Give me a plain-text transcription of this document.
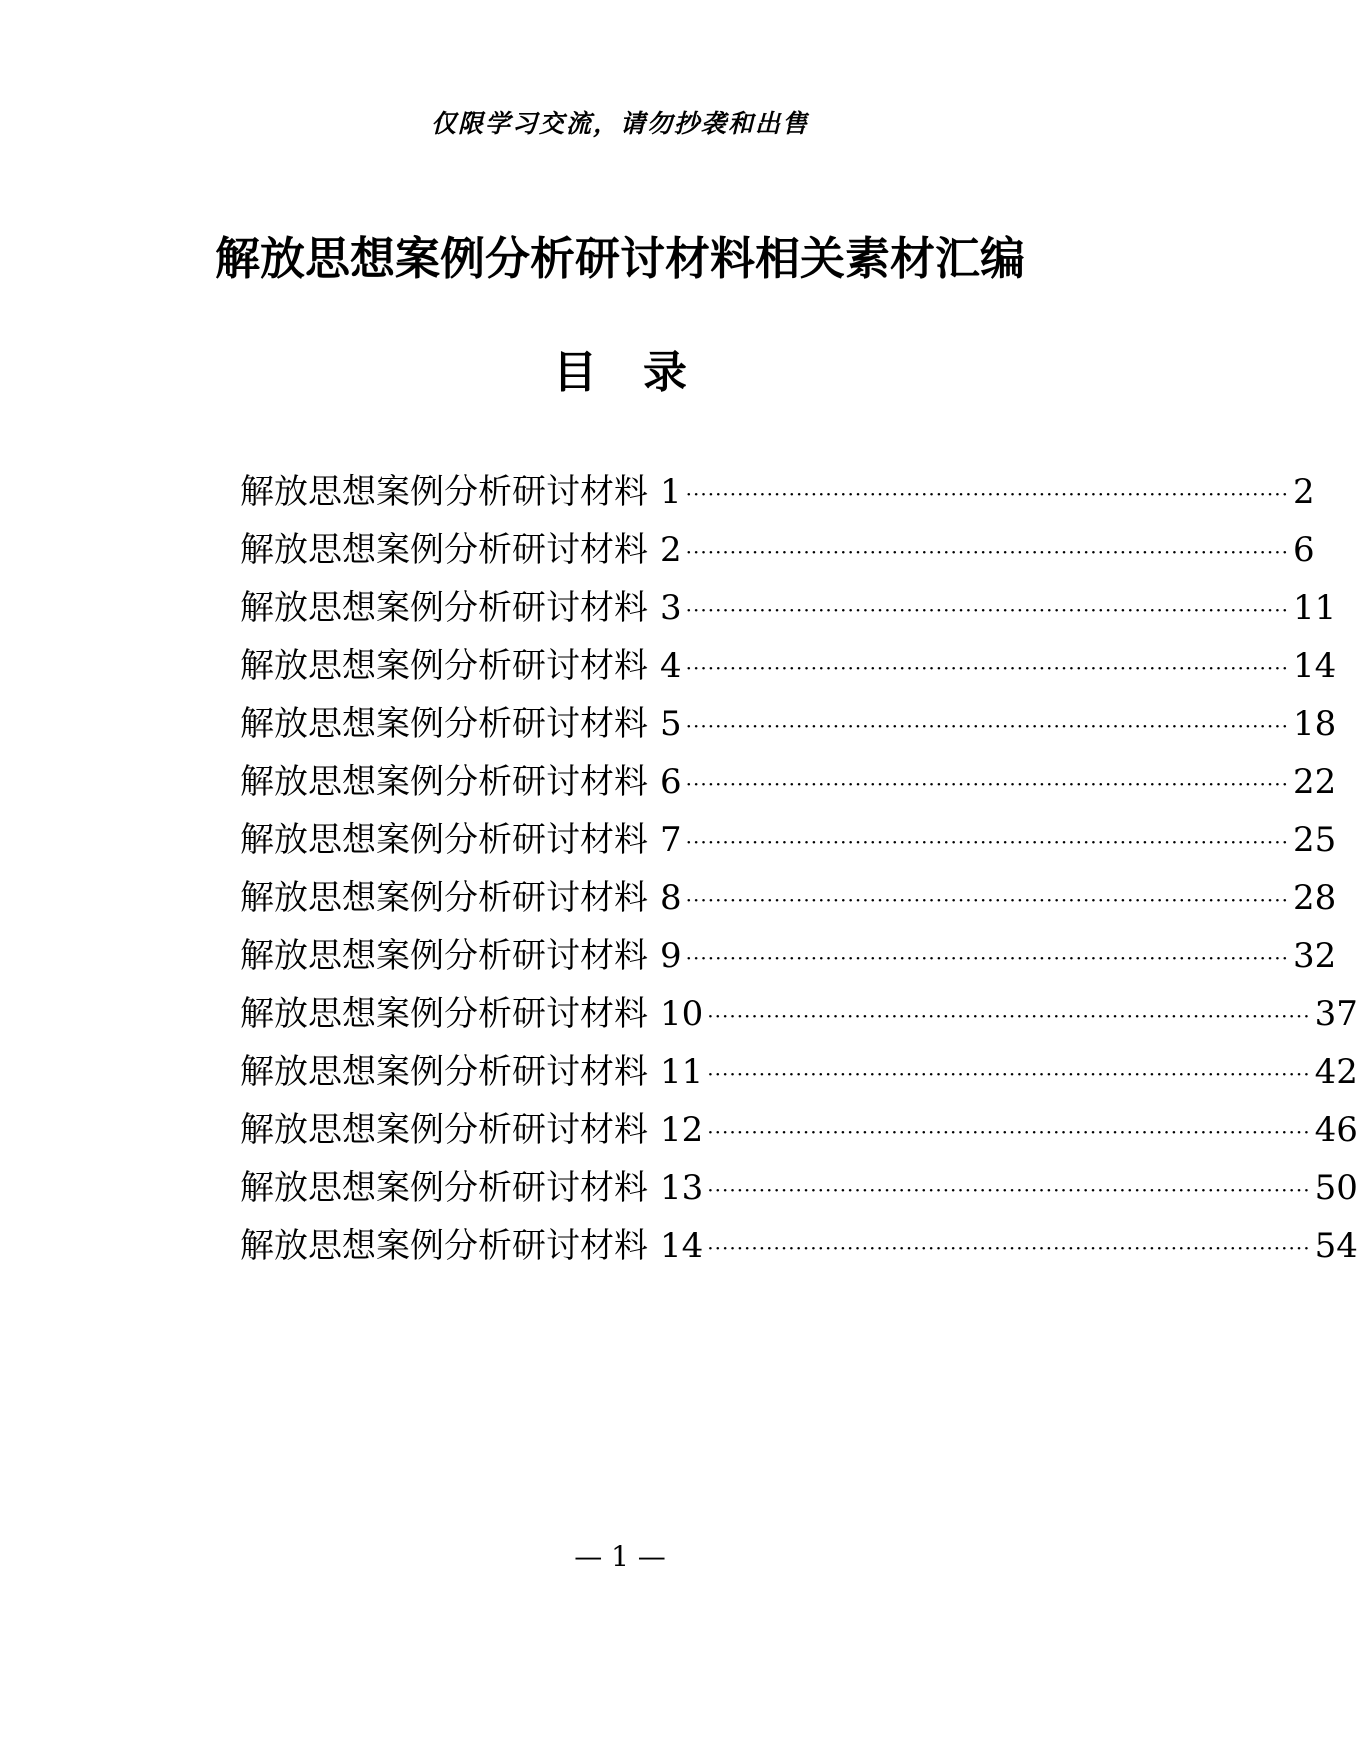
仅限学习交流，请勿抄袭和出售
解放思想案例分析研讨材料相关素材汇编
目 录
解放思想案例分析研讨材料 1 ·················································································· 2
解放思想案例分析研讨材料 2 ·················································································· 6
解放思想案例分析研讨材料 3 ·················································································· 11
解放思想案例分析研讨材料 4 ·················································································· 14
解放思想案例分析研讨材料 5 ·················································································· 18
解放思想案例分析研讨材料 6 ·················································································· 22
解放思想案例分析研讨材料 7 ·················································································· 25
解放思想案例分析研讨材料 8 ·················································································· 28
解放思想案例分析研讨材料 9 ·················································································· 32
解放思想案例分析研讨材料 10 ·················································································· 37
解放思想案例分析研讨材料 11 ·················································································· 42
解放思想案例分析研讨材料 12 ·················································································· 46
解放思想案例分析研讨材料 13 ·················································································· 50
解放思想案例分析研讨材料 14 ·················································································· 54
— 1 —
